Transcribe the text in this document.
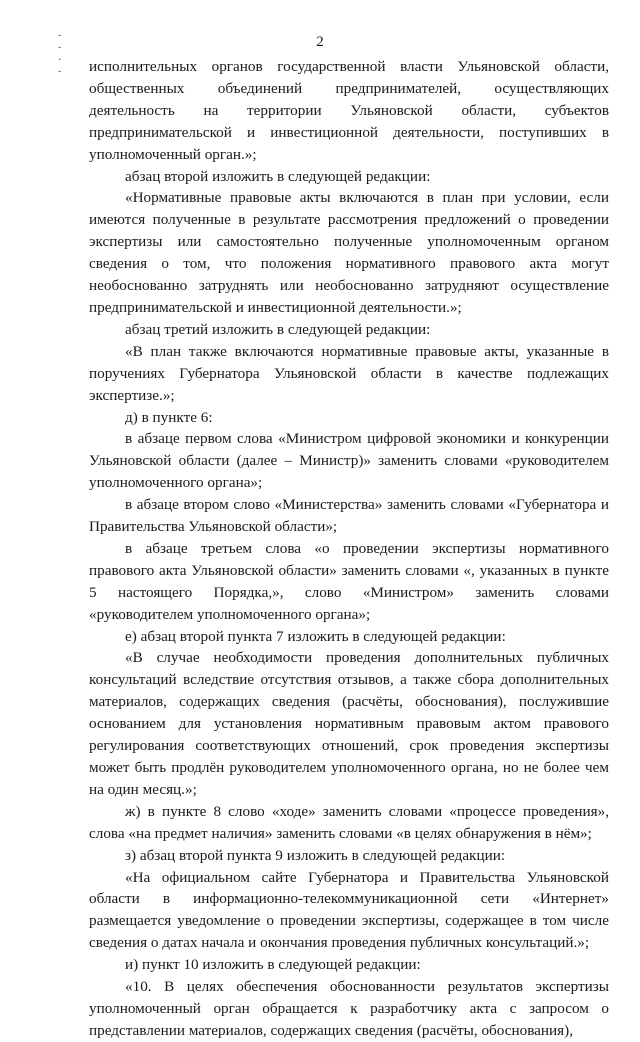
-
-
·
-
2

исполнительных органов государственной власти Ульяновской области, общественных объединений предпринимателей, осуществляющих деятельность на территории Ульяновской области, субъектов предпринимательской и инвестиционной деятельности, поступивших в уполномоченный орган.»;

абзац второй изложить в следующей редакции:

«Нормативные правовые акты включаются в план при условии, если имеются полученные в результате рассмотрения предложений о проведении экспертизы или самостоятельно полученные уполномоченным органом сведения о том, что положения нормативного правового акта могут необоснованно затруднять или необоснованно затрудняют осуществление предпринимательской и инвестиционной деятельности.»;

абзац третий изложить в следующей редакции:

«В план также включаются нормативные правовые акты, указанные в поручениях Губернатора Ульяновской области в качестве подлежащих экспертизе.»;

д) в пункте 6:

в абзаце первом слова «Министром цифровой экономики и конкуренции Ульяновской области (далее – Министр)» заменить словами «руководителем уполномоченного органа»;

в абзаце втором слово «Министерства» заменить словами «Губернатора и Правительства Ульяновской области»;

в абзаце третьем слова «о проведении экспертизы нормативного правового акта Ульяновской области» заменить словами «, указанных в пункте 5 настоящего Порядка,», слово «Министром» заменить словами «руководителем уполномоченного органа»;

е) абзац второй пункта 7 изложить в следующей редакции:

«В случае необходимости проведения дополнительных публичных консультаций вследствие отсутствия отзывов, а также сбора дополнительных материалов, содержащих сведения (расчёты, обоснования), послужившие основанием для установления нормативным правовым актом правового регулирования соответствующих отношений, срок проведения экспертизы может быть продлён руководителем уполномоченного органа, но не более чем на один месяц.»;

ж) в пункте 8 слово «ходе» заменить словами «процессе проведения», слова «на предмет наличия» заменить словами «в целях обнаружения в нём»;

з) абзац второй пункта 9 изложить в следующей редакции:

«На официальном сайте Губернатора и Правительства Ульяновской области в информационно-телекоммуникационной сети «Интернет» размещается уведомление о проведении экспертизы, содержащее в том числе сведения о датах начала и окончания проведения публичных консультаций.»;

и) пункт 10 изложить в следующей редакции:

«10. В целях обеспечения обоснованности результатов экспертизы уполномоченный орган обращается к разработчику акта с запросом о представлении материалов, содержащих сведения (расчёты, обоснования),
